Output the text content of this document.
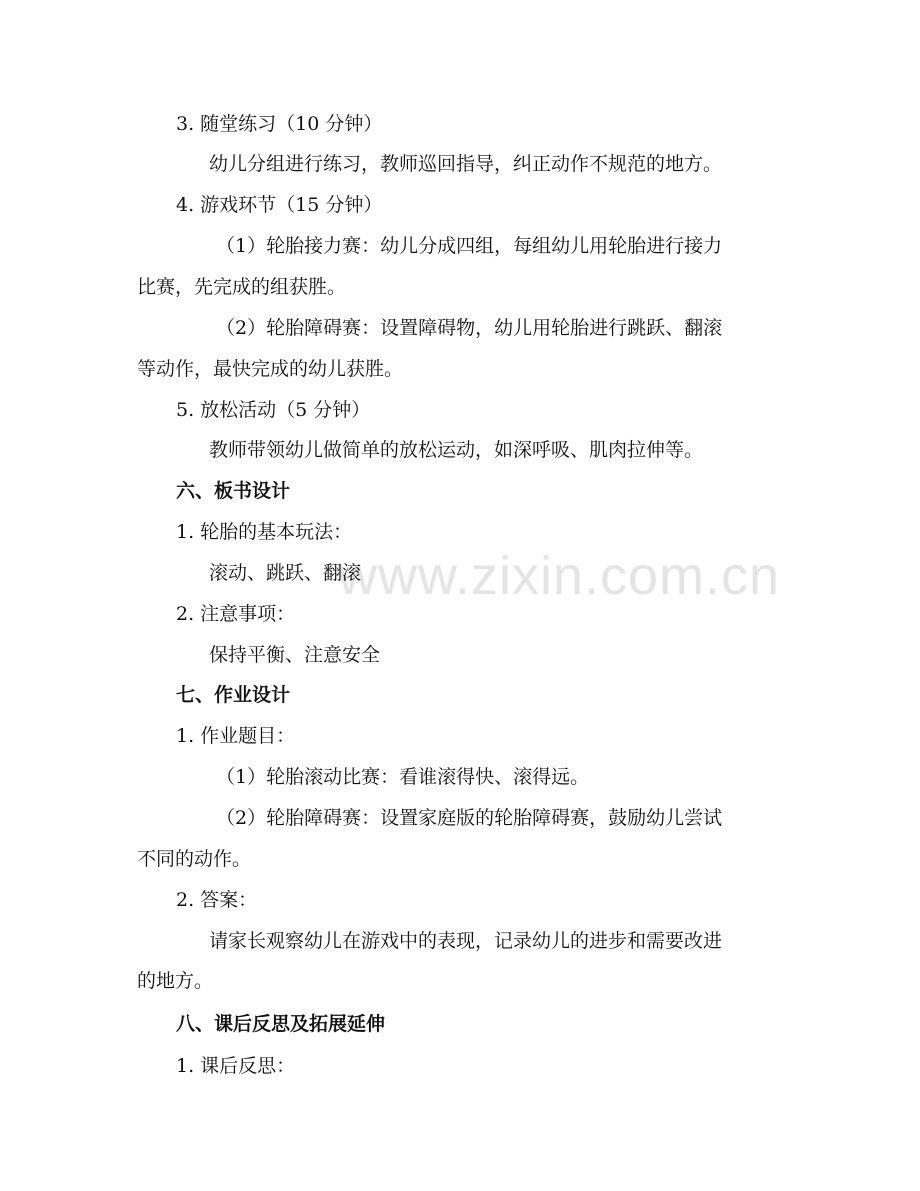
www.zixin.com.cn
3. 随堂练习（10 分钟）
幼儿分组进行练习，教师巡回指导，纠正动作不规范的地方。
4. 游戏环节（15 分钟）
（1）轮胎接力赛：幼儿分成四组，每组幼儿用轮胎进行接力
比赛，先完成的组获胜。
（2）轮胎障碍赛：设置障碍物，幼儿用轮胎进行跳跃、翻滚
等动作，最快完成的幼儿获胜。
5. 放松活动（5 分钟）
教师带领幼儿做简单的放松运动，如深呼吸、肌肉拉伸等。
六、板书设计
1. 轮胎的基本玩法：
滚动、跳跃、翻滚
2. 注意事项：
保持平衡、注意安全
七、作业设计
1. 作业题目：
（1）轮胎滚动比赛：看谁滚得快、滚得远。
（2）轮胎障碍赛：设置家庭版的轮胎障碍赛，鼓励幼儿尝试
不同的动作。
2. 答案：
请家长观察幼儿在游戏中的表现，记录幼儿的进步和需要改进
的地方。
八、课后反思及拓展延伸
1. 课后反思：
